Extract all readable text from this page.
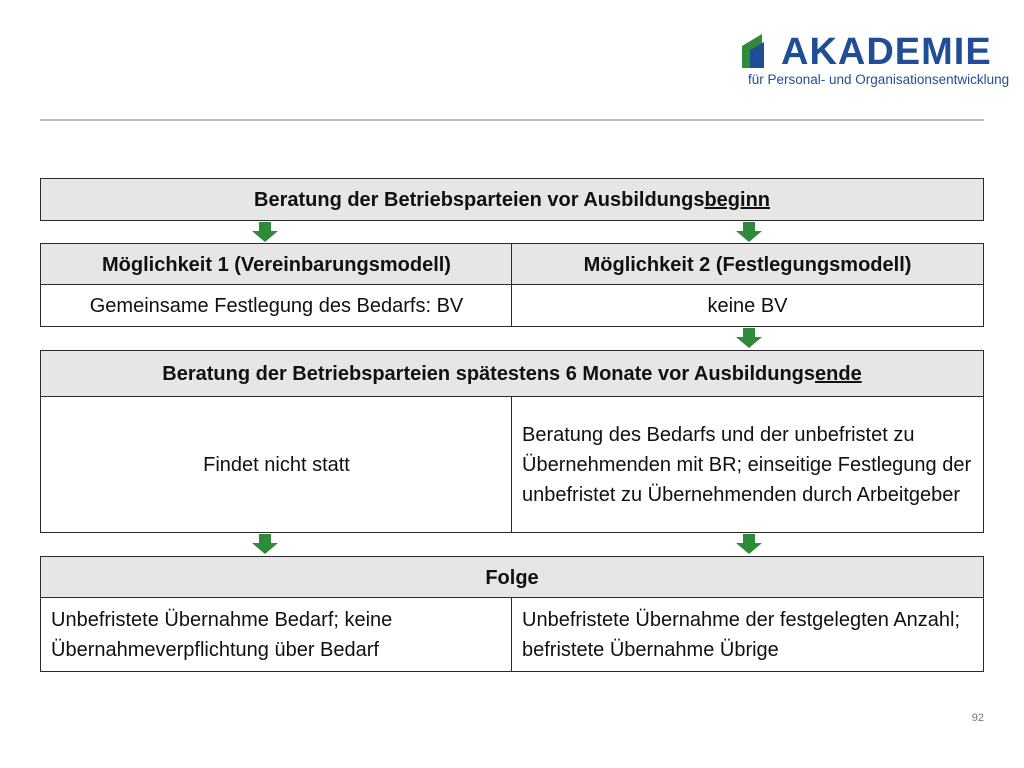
AKADEMIE
für Personal- und Organisationsentwicklung
Beratung der Betriebsparteien vor Ausbildungsbeginn
Möglichkeit 1 (Vereinbarungsmodell)	Möglichkeit 2 (Festlegungsmodell)
Gemeinsame Festlegung des Bedarfs: BV	keine BV
Beratung der Betriebsparteien spätestens 6 Monate vor Ausbildungsende
Findet nicht statt
Beratung des Bedarfs und der unbefristet zu Übernehmenden mit BR; einseitige Festlegung der unbefristet zu Übernehmenden durch Arbeitgeber
Folge
Unbefristete Übernahme Bedarf; keine Übernahmeverpflichtung über Bedarf
Unbefristete Übernahme der festgelegten Anzahl; befristete Übernahme Übrige
92
